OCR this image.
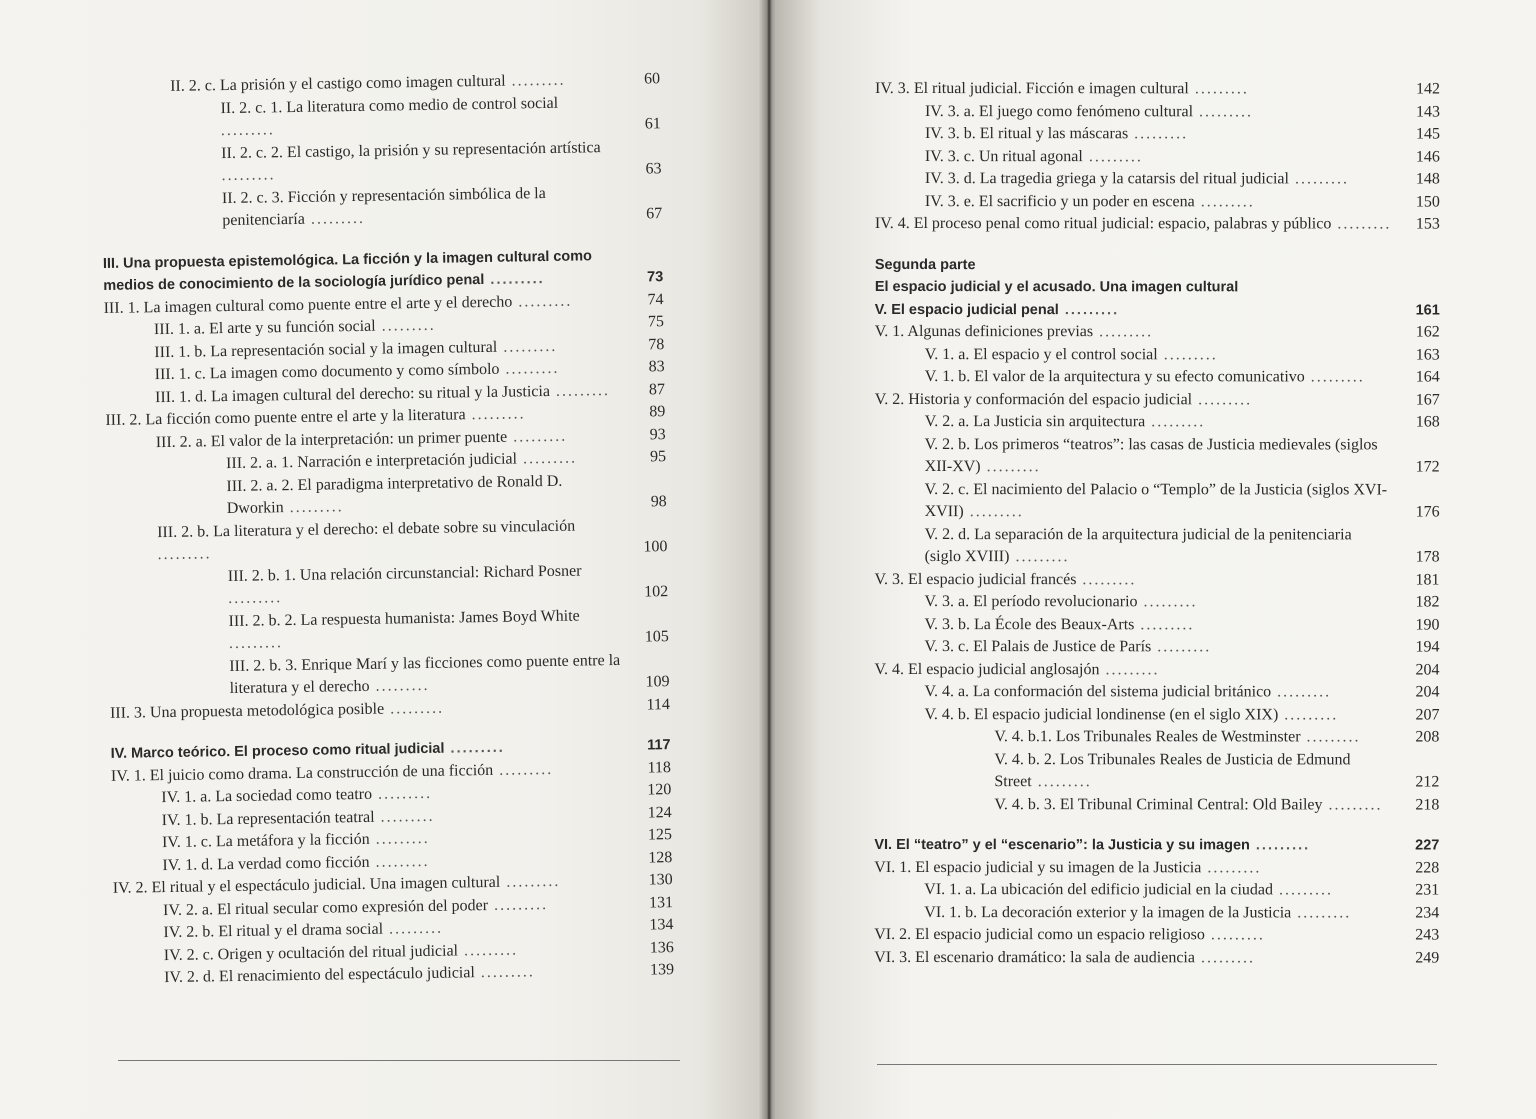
II. 2. c. La prisión y el castigo como imagen cultural .........	60
II. 2. c. 1. La literatura como medio de control social .........	61
II. 2. c. 2. El castigo, la prisión y su representación artística .........	63
II. 2. c. 3. Ficción y representación simbólica de la penitenciaría .........	67
III. Una propuesta epistemológica. La ficción y la imagen cultural como medios de conocimiento de la sociología jurídico penal .........	73
III. 1. La imagen cultural como puente entre el arte y el derecho .........	74
III. 1. a. El arte y su función social .........	75
III. 1. b. La representación social y la imagen cultural .........	78
III. 1. c. La imagen como documento y como símbolo .........	83
III. 1. d. La imagen cultural del derecho: su ritual y la Justicia .........	87
III. 2. La ficción como puente entre el arte y la literatura .........	89
III. 2. a. El valor de la interpretación: un primer puente .........	93
III. 2. a. 1. Narración e interpretación judicial .........	95
III. 2. a. 2. El paradigma interpretativo de Ronald D. Dworkin .........	98
III. 2. b. La literatura y el derecho: el debate sobre su vinculación .........	100
III. 2. b. 1. Una relación circunstancial: Richard Posner .........	102
III. 2. b. 2. La respuesta humanista: James Boyd White .........	105
III. 2. b. 3. Enrique Marí y las ficciones como puente entre la literatura y el derecho .........	109
III. 3. Una propuesta metodológica posible .........	114
IV. Marco teórico. El proceso como ritual judicial .........	117
IV. 1. El juicio como drama. La construcción de una ficción .........	118
IV. 1. a. La sociedad como teatro .........	120
IV. 1. b. La representación teatral .........	124
IV. 1. c. La metáfora y la ficción .........	125
IV. 1. d. La verdad como ficción .........	128
IV. 2. El ritual y el espectáculo judicial. Una imagen cultural .........	130
IV. 2. a. El ritual secular como expresión del poder .........	131
IV. 2. b. El ritual y el drama social .........	134
IV. 2. c. Origen y ocultación del ritual judicial .........	136
IV. 2. d. El renacimiento del espectáculo judicial .........	139
IV. 3. El ritual judicial. Ficción e imagen cultural .........	142
IV. 3. a. El juego como fenómeno cultural .........	143
IV. 3. b. El ritual y las máscaras .........	145
IV. 3. c. Un ritual agonal .........	146
IV. 3. d. La tragedia griega y la catarsis del ritual judicial .........	148
IV. 3. e. El sacrificio y un poder en escena .........	150
IV. 4. El proceso penal como ritual judicial: espacio, palabras y público .........	153
Segunda parte
El espacio judicial y el acusado. Una imagen cultural
V. El espacio judicial penal .........	161
V. 1. Algunas definiciones previas .........	162
V. 1. a. El espacio y el control social .........	163
V. 1. b. El valor de la arquitectura y su efecto comunicativo .........	164
V. 2. Historia y conformación del espacio judicial .........	167
V. 2. a. La Justicia sin arquitectura .........	168
V. 2. b. Los primeros “teatros”: las casas de Justicia medievales (siglos XII-XV) .........	172
V. 2. c. El nacimiento del Palacio o “Templo” de la Justicia (siglos XVI-XVII) .........	176
V. 2. d. La separación de la arquitectura judicial de la penitenciaria (siglo XVIII) .........	178
V. 3. El espacio judicial francés .........	181
V. 3. a. El período revolucionario .........	182
V. 3. b. La École des Beaux-Arts .........	190
V. 3. c. El Palais de Justice de París .........	194
V. 4. El espacio judicial anglosajón .........	204
V. 4. a. La conformación del sistema judicial británico .........	204
V. 4. b. El espacio judicial londinense (en el siglo XIX) .........	207
V. 4. b.1. Los Tribunales Reales de Westminster .........	208
V. 4. b. 2. Los Tribunales Reales de Justicia de Edmund Street .........	212
V. 4. b. 3. El Tribunal Criminal Central: Old Bailey .........	218
VI. El “teatro” y el “escenario”: la Justicia y su imagen .........	227
VI. 1. El espacio judicial y su imagen de la Justicia .........	228
VI. 1. a. La ubicación del edificio judicial en la ciudad .........	231
VI. 1. b. La decoración exterior y la imagen de la Justicia .........	234
VI. 2. El espacio judicial como un espacio religioso .........	243
VI. 3. El escenario dramático: la sala de audiencia .........	249
